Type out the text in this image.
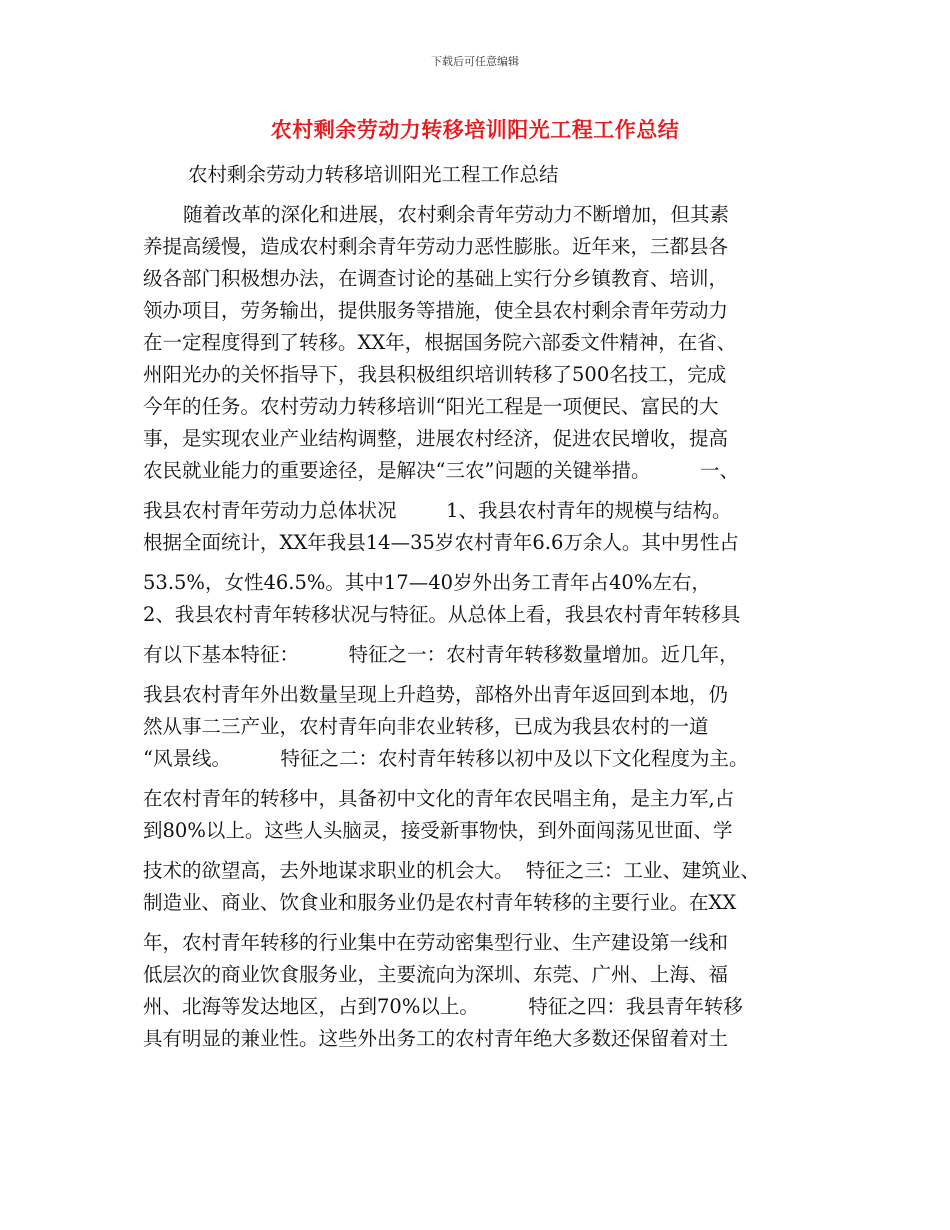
下载后可任意编辑
农村剩余劳动力转移培训阳光工程工作总结
农村剩余劳动力转移培训阳光工程工作总结
随着改革的深化和进展，农村剩余青年劳动力不断增加，但其素
养提高缓慢，造成农村剩余青年劳动力恶性膨胀。近年来，三都县各
级各部门积极想办法，在调查讨论的基础上实行分乡镇教育、培训，
领办项目，劳务输出，提供服务等措施，使全县农村剩余青年劳动力
在一定程度得到了转移。XX年，根据国务院六部委文件精神，在省、
州阳光办的关怀指导下，我县积极组织培训转移了500名技工，完成
今年的任务。农村劳动力转移培训“阳光工程是一项便民、富民的大
事，是实现农业产业结构调整，进展农村经济，促进农民增收，提高
农民就业能力的重要途径，是解决“三农”问题的关键举措。        一、
我县农村青年劳动力总体状况        1、我县农村青年的规模与结构。
根据全面统计，XX年我县14—35岁农村青年6.6万余人。其中男性占
53.5%，女性46.5%。其中17—40岁外出务工青年占40%左右，
2、我县农村青年转移状况与特征。从总体上看，我县农村青年转移具
有以下基本特征：        特征之一：农村青年转移数量增加。近几年，
我县农村青年外出数量呈现上升趋势，部格外出青年返回到本地，仍
然从事二三产业，农村青年向非农业转移，已成为我县农村的一道
“风景线。        特征之二：农村青年转移以初中及以下文化程度为主。
在农村青年的转移中，具备初中文化的青年农民唱主角，是主力军,占
到80%以上。这些人头脑灵，接受新事物快，到外面闯荡见世面、学
技术的欲望高，去外地谋求职业的机会大。  特征之三：工业、建筑业、
制造业、商业、饮食业和服务业仍是农村青年转移的主要行业。在XX
年，农村青年转移的行业集中在劳动密集型行业、生产建设第一线和
低层次的商业饮食服务业，主要流向为深圳、东莞、广州、上海、福
州、北海等发达地区，占到70%以上。        特征之四：我县青年转移
具有明显的兼业性。这些外出务工的农村青年绝大多数还保留着对土
